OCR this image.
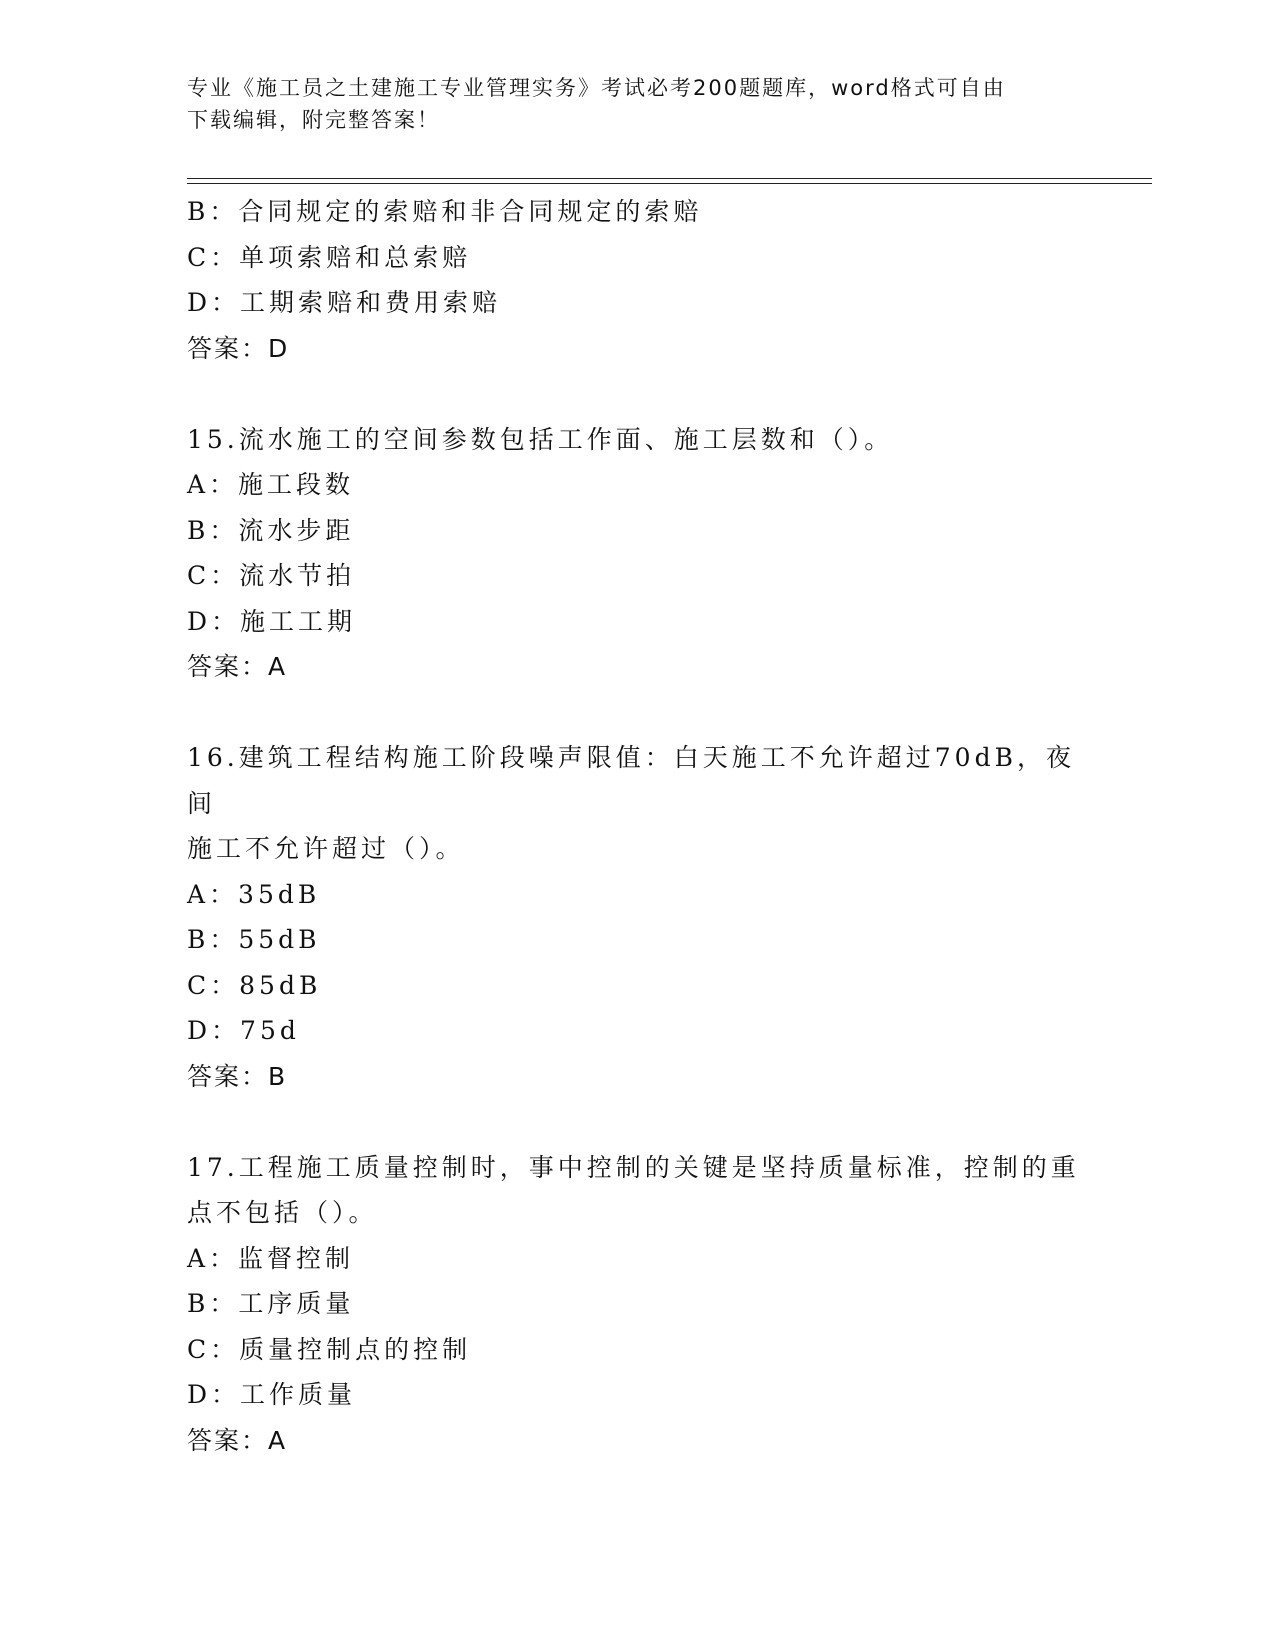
专业《施工员之土建施工专业管理实务》考试必考200题题库，word格式可自由
下载编辑，附完整答案！
B：合同规定的索赔和非合同规定的索赔
C：单项索赔和总索赔
D：工期索赔和费用索赔
答案：D
15.流水施工的空间参数包括工作面、施工层数和（）。
A：施工段数
B：流水步距
C：流水节拍
D：施工工期
答案：A
16.建筑工程结构施工阶段噪声限值：白天施工不允许超过70dB，夜间
施工不允许超过（）。
A：35dB
B：55dB
C：85dB
D：75d
答案：B
17.工程施工质量控制时，事中控制的关键是坚持质量标准，控制的重
点不包括（）。
A：监督控制
B：工序质量
C：质量控制点的控制
D：工作质量
答案：A
